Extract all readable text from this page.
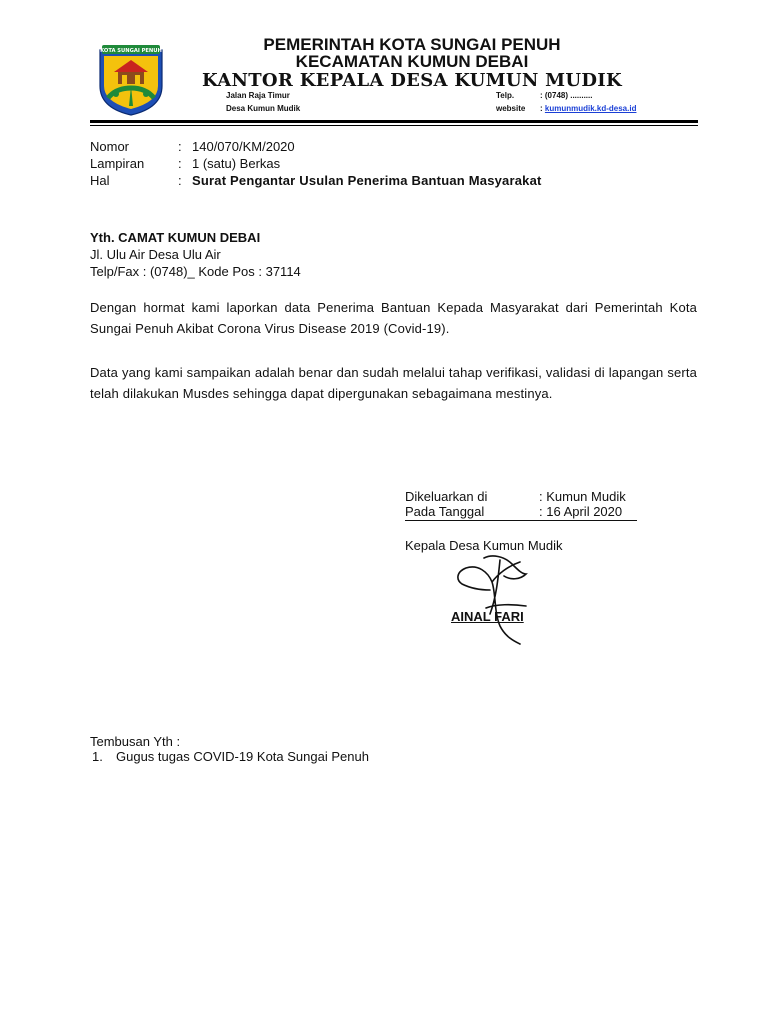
KOTA SUNGAI PENUH	PEMERINTAH KOTA SUNGAI PENUH
KECAMATAN KUMUN DEBAI
KANTOR KEPALA DESA KUMUN MUDIK
Jalan Raja Timur
Desa Kumun Mudik
Telp.	: (0748) ..........
website : kumunmudik.kd-desa.id
Nomor	: 140/070/KM/2020
Lampiran	: 1 (satu) Berkas
Hal	: Surat Pengantar Usulan Penerima Bantuan Masyarakat
Yth. CAMAT KUMUN DEBAI
Jl. Ulu Air Desa Ulu Air
Telp/Fax : (0748)_ Kode Pos : 37114
Dengan hormat kami laporkan data Penerima Bantuan Kepada Masyarakat dari Pemerintah Kota Sungai Penuh Akibat Corona Virus Disease 2019 (Covid-19).
Data yang kami sampaikan adalah benar dan sudah melalui tahap verifikasi, validasi di lapangan serta telah dilakukan Musdes sehingga dapat dipergunakan sebagaimana mestinya.
Dikeluarkan di	: Kumun Mudik
Pada Tanggal	: 16 April 2020
Kepala Desa Kumun Mudik
AINAL FARI
Tembusan Yth :
1. Gugus tugas COVID-19 Kota Sungai Penuh
